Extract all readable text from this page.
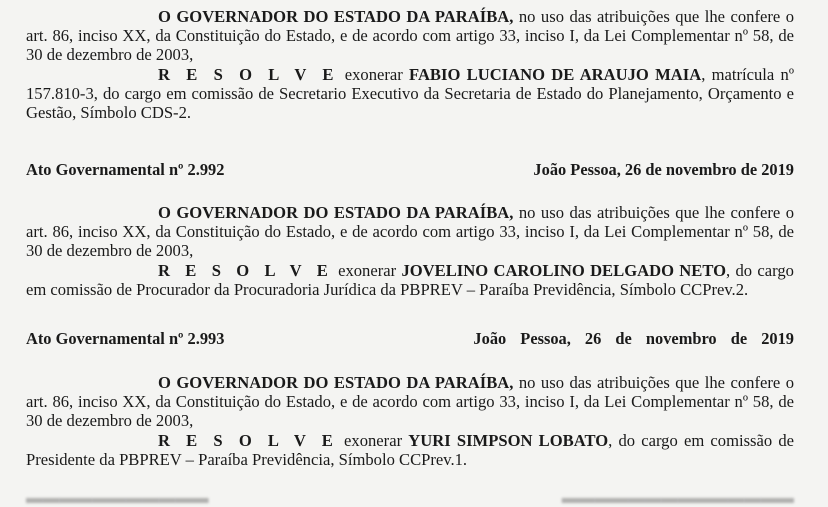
O GOVERNADOR DO ESTADO DA PARAÍBA, no uso das atribuições que lhe confere o art. 86, inciso XX, da Constituição do Estado, e de acordo com artigo 33, inciso I, da Lei Complementar nº 58, de 30 de dezembro de 2003,

R E S O L V E exonerar FABIO LUCIANO DE ARAUJO MAIA, matrícula nº 157.810-3, do cargo em comissão de Secretario Executivo da Secretaria de Estado do Planejamento, Orçamento e Gestão, Símbolo CDS-2.

Ato Governamental nº 2.992	João Pessoa, 26 de novembro de 2019

O GOVERNADOR DO ESTADO DA PARAÍBA, no uso das atribuições que lhe confere o art. 86, inciso XX, da Constituição do Estado, e de acordo com artigo 33, inciso I, da Lei Complementar nº 58, de 30 de dezembro de 2003,

R E S O L V E exonerar JOVELINO CAROLINO DELGADO NETO, do cargo em comissão de Procurador da Procuradoria Jurídica da PBPREV – Paraíba Previdência, Símbolo CCPrev.2.

Ato Governamental nº 2.993	João Pessoa, 26 de novembro de 2019

O GOVERNADOR DO ESTADO DA PARAÍBA, no uso das atribuições que lhe confere o art. 86, inciso XX, da Constituição do Estado, e de acordo com artigo 33, inciso I, da Lei Complementar nº 58, de 30 de dezembro de 2003,

R E S O L V E exonerar YURI SIMPSON LOBATO, do cargo em comissão de Presidente da PBPREV – Paraíba Previdência, Símbolo CCPrev.1.

▬▬▬▬▬▬▬▬▬▬▬	▬▬▬▬▬▬▬▬▬▬▬▬▬▬
